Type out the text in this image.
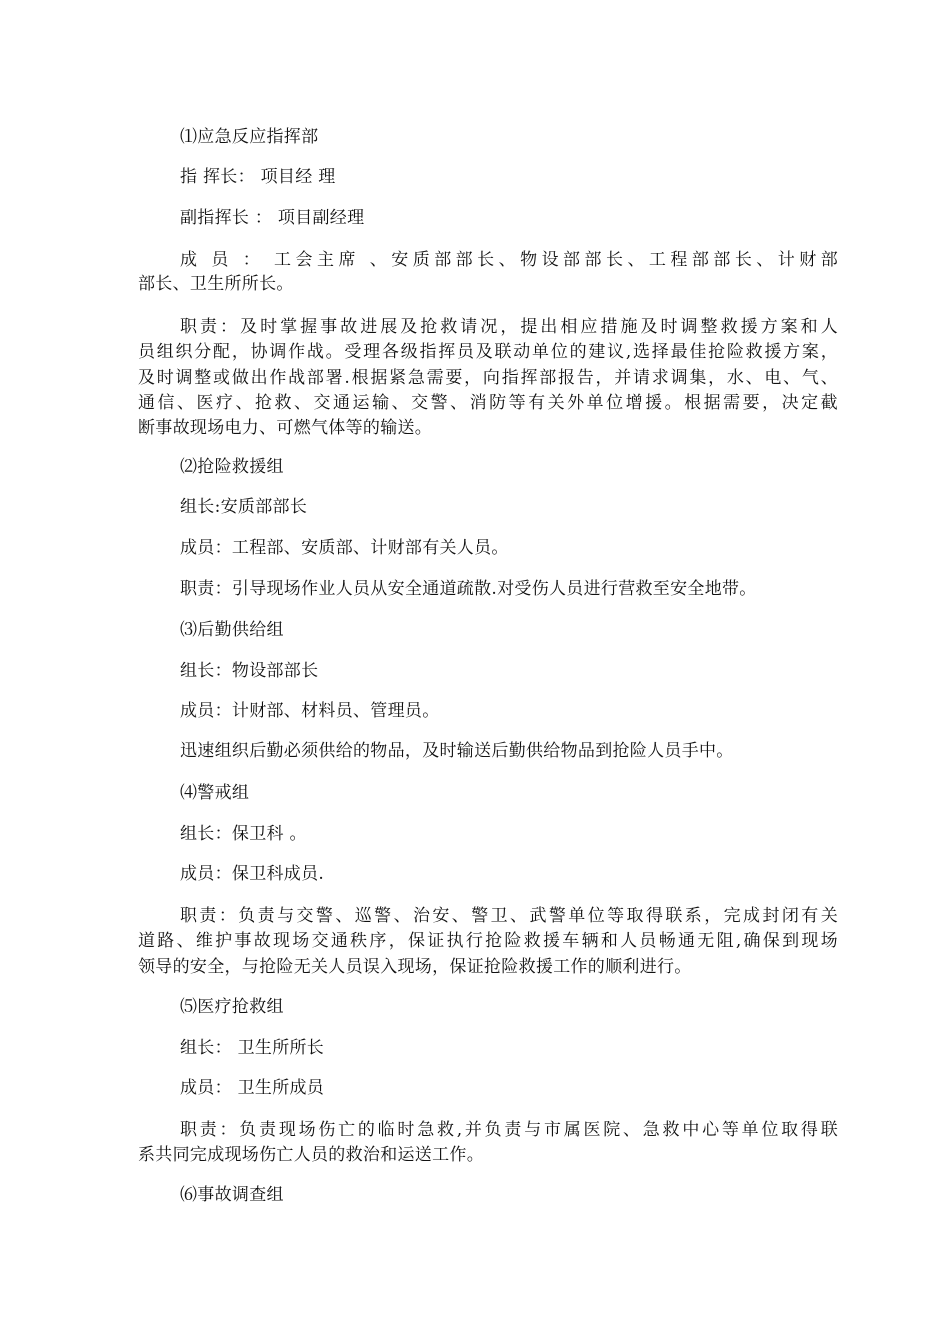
⑴应急反应指挥部
指 挥长： 项目经 理
副指挥长 ： 项目副经理
成 员 ： 工会主席 、安质部部长、物设部部长、工程部部长、计财部
部长、卫生所所长。
职责：及时掌握事故进展及抢救请况，提出相应措施及时调整救援方案和人
员组织分配，协调作战。受理各级指挥员及联动单位的建议,选择最佳抢险救援方案，
及时调整或做出作战部署.根据紧急需要，向指挥部报告，并请求调集，水、电、气、
通信、医疗、抢救、交通运输、交警、消防等有关外单位增援。根据需要，决定截
断事故现场电力、可燃气体等的输送。
⑵抢险救援组
组长:安质部部长
成员：工程部、安质部、计财部有关人员。
职责：引导现场作业人员从安全通道疏散.对受伤人员进行营救至安全地带。
⑶后勤供给组
组长：物设部部长
成员：计财部、材料员、管理员。
迅速组织后勤必须供给的物品，及时输送后勤供给物品到抢险人员手中。
⑷警戒组
组长：保卫科 。
成员：保卫科成员.
职责：负责与交警、巡警、治安、警卫、武警单位等取得联系，完成封闭有关
道路、维护事故现场交通秩序，保证执行抢险救援车辆和人员畅通无阻,确保到现场
领导的安全，与抢险无关人员误入现场，保证抢险救援工作的顺利进行。
⑸医疗抢救组
组长： 卫生所所长
成员： 卫生所成员
职责：负责现场伤亡的临时急救,并负责与市属医院、急救中心等单位取得联
系共同完成现场伤亡人员的救治和运送工作。
⑹事故调查组
